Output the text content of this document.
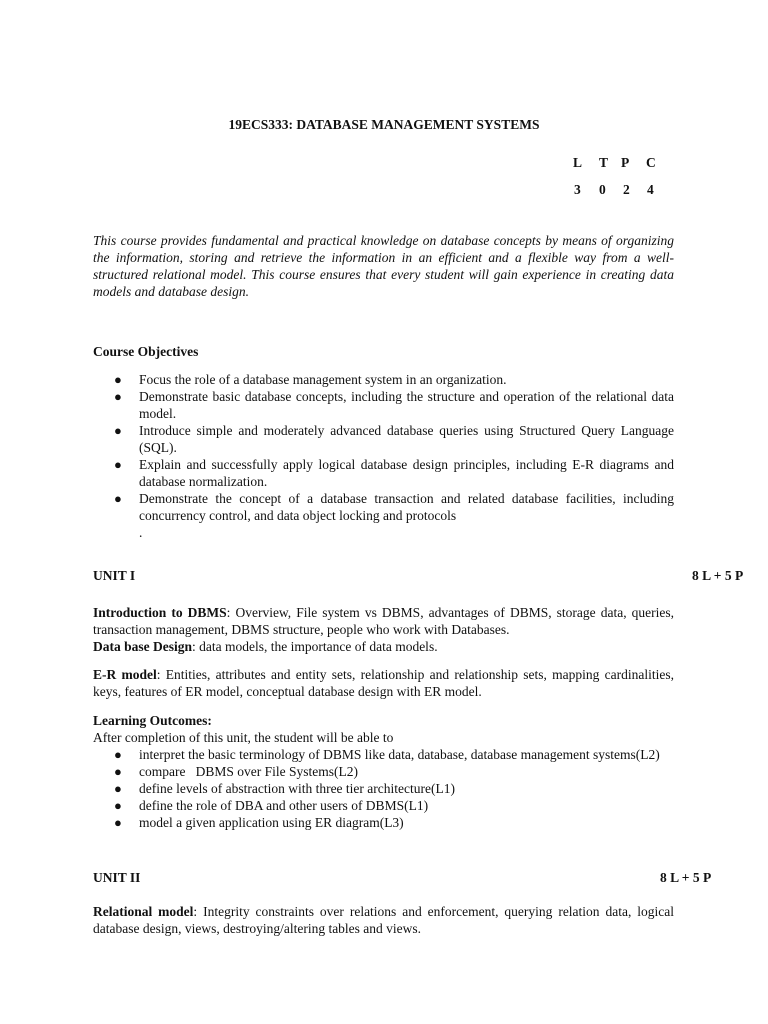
19ECS333: DATABASE MANAGEMENT SYSTEMS
L T P C
3 0 2 4
This course provides fundamental and practical knowledge on database concepts by means of organizing the information, storing and retrieve the information in an efficient and a flexible way from a well-structured relational model. This course ensures that every student will gain experience in creating data models and database design.
Course Objectives
● Focus the role of a database management system in an organization.
● Demonstrate basic database concepts, including the structure and operation of the relational data model.
● Introduce simple and moderately advanced database queries using Structured Query Language (SQL).
● Explain and successfully apply logical database design principles, including E-R diagrams and database normalization.
● Demonstrate the concept of a database transaction and related database facilities, including concurrency control, and data object locking and protocols
.
UNIT I	8 L + 5 P
Introduction to DBMS: Overview, File system vs DBMS, advantages of DBMS, storage data, queries, transaction management, DBMS structure, people who work with Databases.
Data base Design: data models, the importance of data models.
E-R model: Entities, attributes and entity sets, relationship and relationship sets, mapping cardinalities, keys, features of ER model, conceptual database design with ER model.
Learning Outcomes:
After completion of this unit, the student will be able to
● interpret the basic terminology of DBMS like data, database, database management systems(L2)
● compare   DBMS over File Systems(L2)
● define levels of abstraction with three tier architecture(L1)
● define the role of DBA and other users of DBMS(L1)
● model a given application using ER diagram(L3)
UNIT II	8 L + 5 P
Relational model: Integrity constraints over relations and enforcement, querying relation data, logical database design, views, destroying/altering tables and views.
